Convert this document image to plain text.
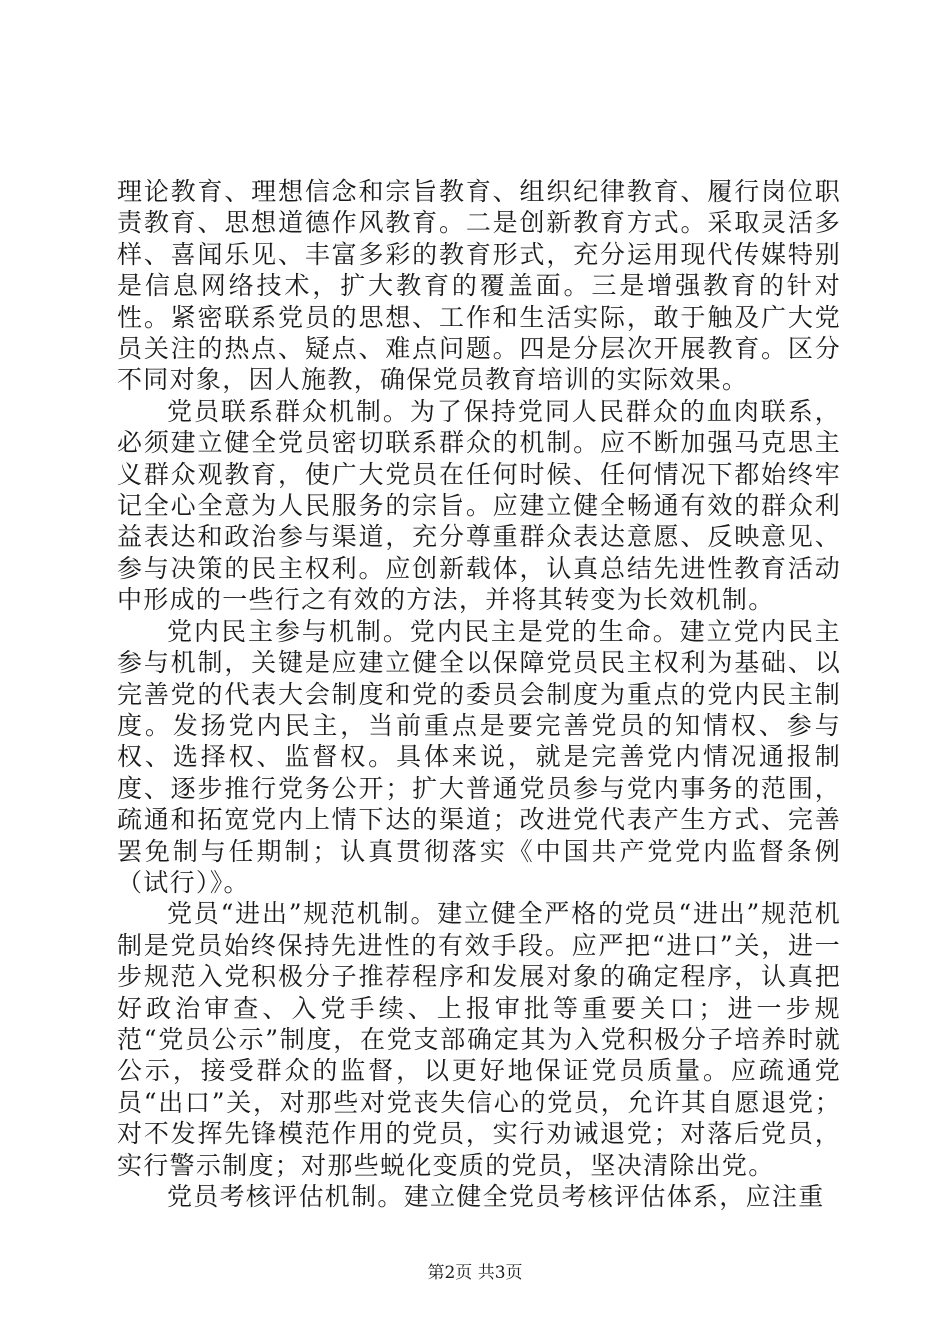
理论教育、理想信念和宗旨教育、组织纪律教育、履行岗位职责教育、思想道德作风教育。二是创新教育方式。采取灵活多样、喜闻乐见、丰富多彩的教育形式，充分运用现代传媒特别是信息网络技术，扩大教育的覆盖面。三是增强教育的针对性。紧密联系党员的思想、工作和生活实际，敢于触及广大党员关注的热点、疑点、难点问题。四是分层次开展教育。区分不同对象，因人施教，确保党员教育培训的实际效果。

党员联系群众机制。为了保持党同人民群众的血肉联系，必须建立健全党员密切联系群众的机制。应不断加强马克思主义群众观教育，使广大党员在任何时候、任何情况下都始终牢记全心全意为人民服务的宗旨。应建立健全畅通有效的群众利益表达和政治参与渠道，充分尊重群众表达意愿、反映意见、参与决策的民主权利。应创新载体，认真总结先进性教育活动中形成的一些行之有效的方法，并将其转变为长效机制。

党内民主参与机制。党内民主是党的生命。建立党内民主参与机制，关键是应建立健全以保障党员民主权利为基础、以完善党的代表大会制度和党的委员会制度为重点的党内民主制度。发扬党内民主，当前重点是要完善党员的知情权、参与权、选择权、监督权。具体来说，就是完善党内情况通报制度、逐步推行党务公开；扩大普通党员参与党内事务的范围，疏通和拓宽党内上情下达的渠道；改进党代表产生方式、完善罢免制与任期制；认真贯彻落实《中国共产党党内监督条例（试行）》。

党员“进出”规范机制。建立健全严格的党员“进出”规范机制是党员始终保持先进性的有效手段。应严把“进口”关，进一步规范入党积极分子推荐程序和发展对象的确定程序，认真把好政治审查、入党手续、上报审批等重要关口；进一步规范“党员公示”制度，在党支部确定其为入党积极分子培养时就公示，接受群众的监督，以更好地保证党员质量。应疏通党员“出口”关，对那些对党丧失信心的党员，允许其自愿退党；对不发挥先锋模范作用的党员，实行劝诫退党；对落后党员，实行警示制度；对那些蜕化变质的党员，坚决清除出党。

党员考核评估机制。建立健全党员考核评估体系，应注重

第2页 共3页
